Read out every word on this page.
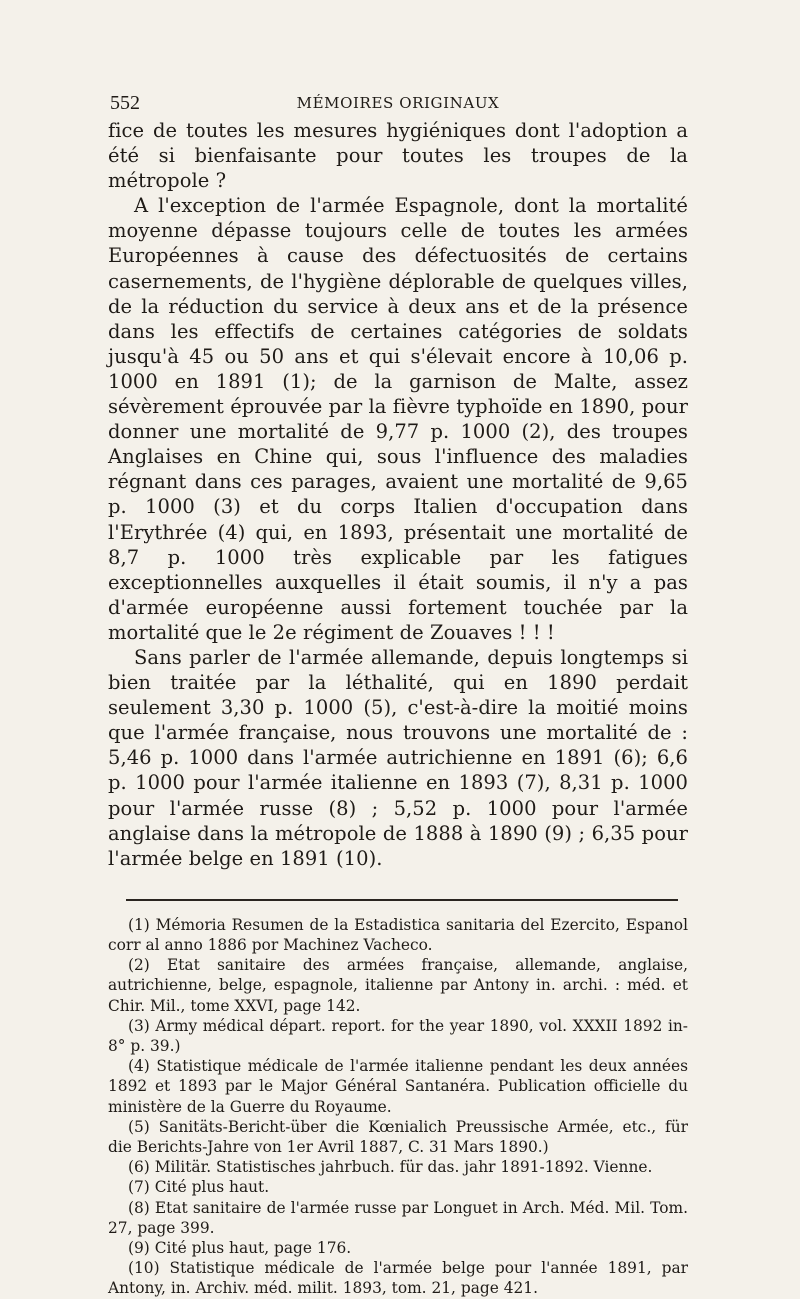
552	MÉMOIRES ORIGINAUX

fice de toutes les mesures hygiéniques dont l'adoption a été si bienfaisante pour toutes les troupes de la métropole ?

A l'exception de l'armée Espagnole, dont la mortalité moyenne dépasse toujours celle de toutes les armées Européennes à cause des défectuosités de certains casernements, de l'hygiène déplorable de quelques villes, de la réduction du service à deux ans et de la présence dans les effectifs de certaines catégories de soldats jusqu'à 45 ou 50 ans et qui s'élevait encore à 10,06 p. 1000 en 1891 (1); de la garnison de Malte, assez sévèrement éprouvée par la fièvre typhoïde en 1890, pour donner une mortalité de 9,77 p. 1000 (2), des troupes Anglaises en Chine qui, sous l'influence des maladies régnant dans ces parages, avaient une mortalité de 9,65 p. 1000 (3) et du corps Italien d'occupation dans l'Erythrée (4) qui, en 1893, présentait une mortalité de 8,7 p. 1000 très explicable par les fatigues exceptionnelles auxquelles il était soumis, il n'y a pas d'armée européenne aussi fortement touchée par la mortalité que le 2e régiment de Zouaves ! ! !

Sans parler de l'armée allemande, depuis longtemps si bien traitée par la léthalité, qui en 1890 perdait seulement 3,30 p. 1000 (5), c'est-à-dire la moitié moins que l'armée française, nous trouvons une mortalité de : 5,46 p. 1000 dans l'armée autrichienne en 1891 (6); 6,6 p. 1000 pour l'armée italienne en 1893 (7), 8,31 p. 1000 pour l'armée russe (8) ; 5,52 p. 1000 pour l'armée anglaise dans la métropole de 1888 à 1890 (9) ; 6,35 pour l'armée belge en 1891 (10).

(1) Mémoria Resumen de la Estadistica sanitaria del Ezercito, Espanol corr al anno 1886 por Machinez Vacheco.

(2) Etat sanitaire des armées française, allemande, anglaise, autrichienne, belge, espagnole, italienne par Antony in. archi. : méd. et Chir. Mil., tome XXVI, page 142.

(3) Army médical départ. report. for the year 1890, vol. XXXII 1892 in-8° p. 39.)

(4) Statistique médicale de l'armée italienne pendant les deux années 1892 et 1893 par le Major Général Santanéra. Publication officielle du ministère de la Guerre du Royaume.

(5) Sanitäts-Bericht-über die Kœnialich Preussische Armée, etc., für die Berichts-Jahre von 1er Avril 1887, C. 31 Mars 1890.)

(6) Militär. Statistisches jahrbuch. für das. jahr 1891-1892. Vienne.

(7) Cité plus haut.

(8) Etat sanitaire de l'armée russe par Longuet in Arch. Méd. Mil. Tom. 27, page 399.

(9) Cité plus haut, page 176.

(10) Statistique médicale de l'armée belge pour l'année 1891, par Antony, in. Archiv. méd. milit. 1893, tom. 21, page 421.
